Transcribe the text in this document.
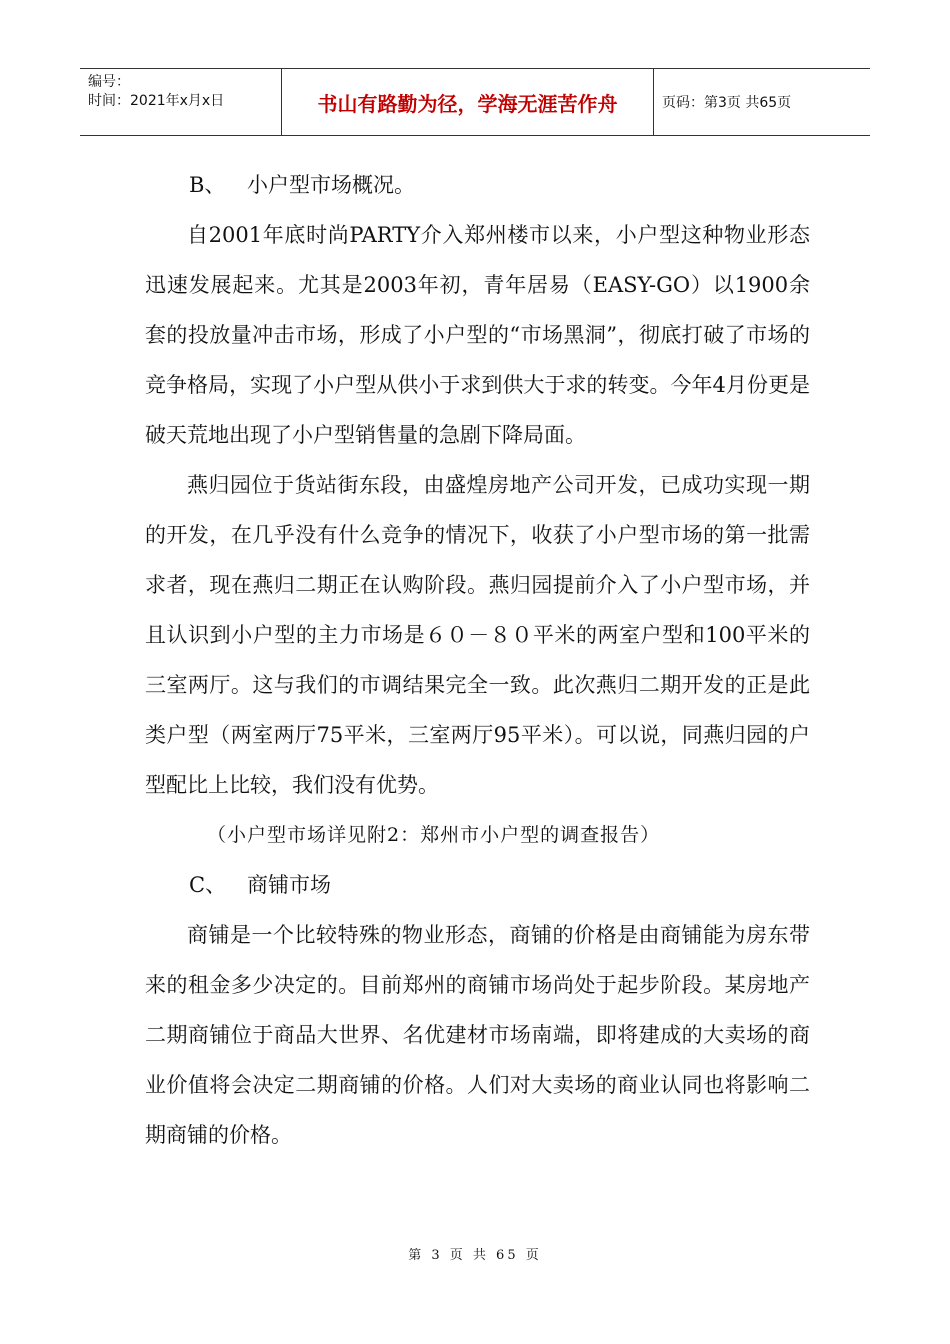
编号：
时间：2021年x月x日	书山有路勤为径，学海无涯苦作舟	页码：第3页 共65页

B、 小户型市场概况。

自2001年底时尚PARTY介入郑州楼市以来，小户型这种物业形态迅速发展起来。尤其是2003年初，青年居易（EASY-GO）以1900余套的投放量冲击市场，形成了小户型的“市场黑洞”，彻底打破了市场的竞争格局，实现了小户型从供小于求到供大于求的转变。今年4月份更是破天荒地出现了小户型销售量的急剧下降局面。

燕归园位于货站街东段，由盛煌房地产公司开发，已成功实现一期的开发，在几乎没有什么竞争的情况下，收获了小户型市场的第一批需求者，现在燕归二期正在认购阶段。燕归园提前介入了小户型市场，并且认识到小户型的主力市场是６０－８０平米的两室户型和100平米的三室两厅。这与我们的市调结果完全一致。此次燕归二期开发的正是此类户型（两室两厅75平米，三室两厅95平米）。可以说，同燕归园的户型配比上比较，我们没有优势。

（小户型市场详见附2：郑州市小户型的调查报告）

C、 商铺市场

商铺是一个比较特殊的物业形态，商铺的价格是由商铺能为房东带来的租金多少决定的。目前郑州的商铺市场尚处于起步阶段。某房地产二期商铺位于商品大世界、名优建材市场南端，即将建成的大卖场的商业价值将会决定二期商铺的价格。人们对大卖场的商业认同也将影响二期商铺的价格。

第 3 页 共 65 页
